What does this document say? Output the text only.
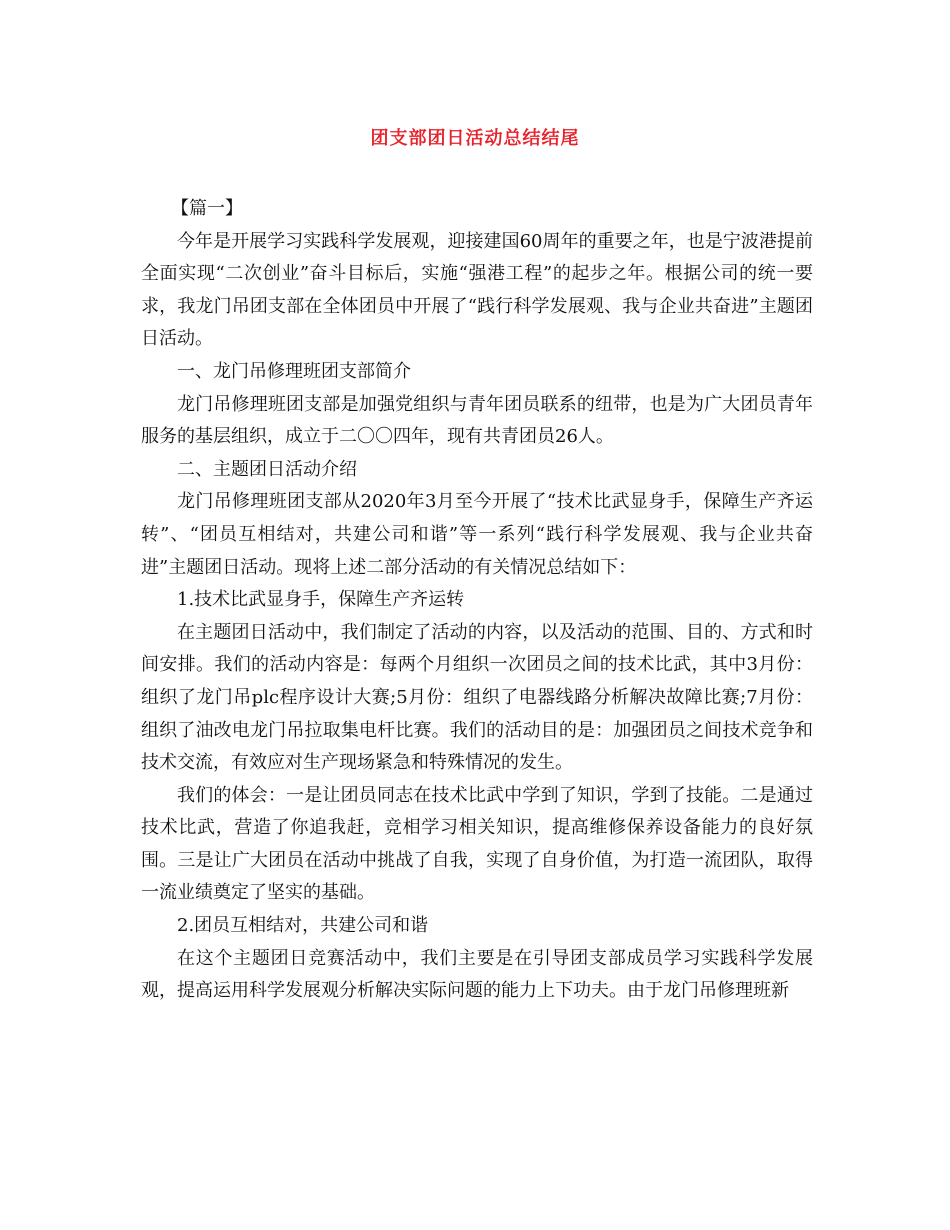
团支部团日活动总结结尾

【篇一】

今年是开展学习实践科学发展观，迎接建国60周年的重要之年，也是宁波港提前全面实现“二次创业”奋斗目标后，实施“强港工程”的起步之年。根据公司的统一要求，我龙门吊团支部在全体团员中开展了“践行科学发展观、我与企业共奋进”主题团日活动。

一、龙门吊修理班团支部简介

龙门吊修理班团支部是加强党组织与青年团员联系的纽带，也是为广大团员青年服务的基层组织，成立于二〇〇四年，现有共青团员26人。

二、主题团日活动介绍

龙门吊修理班团支部从2020年3月至今开展了“技术比武显身手，保障生产齐运转”、“团员互相结对，共建公司和谐”等一系列“践行科学发展观、我与企业共奋进”主题团日活动。现将上述二部分活动的有关情况总结如下：

1.技术比武显身手，保障生产齐运转

在主题团日活动中，我们制定了活动的内容，以及活动的范围、目的、方式和时间安排。我们的活动内容是：每两个月组织一次团员之间的技术比武，其中3月份：组织了龙门吊plc程序设计大赛;5月份：组织了电器线路分析解决故障比赛;7月份：组织了油改电龙门吊拉取集电杆比赛。我们的活动目的是：加强团员之间技术竞争和技术交流，有效应对生产现场紧急和特殊情况的发生。

我们的体会：一是让团员同志在技术比武中学到了知识，学到了技能。二是通过技术比武，营造了你追我赶，竞相学习相关知识，提高维修保养设备能力的良好氛围。三是让广大团员在活动中挑战了自我，实现了自身价值，为打造一流团队，取得一流业绩奠定了坚实的基础。

2.团员互相结对，共建公司和谐

在这个主题团日竞赛活动中，我们主要是在引导团支部成员学习实践科学发展观，提高运用科学发展观分析解决实际问题的能力上下功夫。由于龙门吊修理班新
